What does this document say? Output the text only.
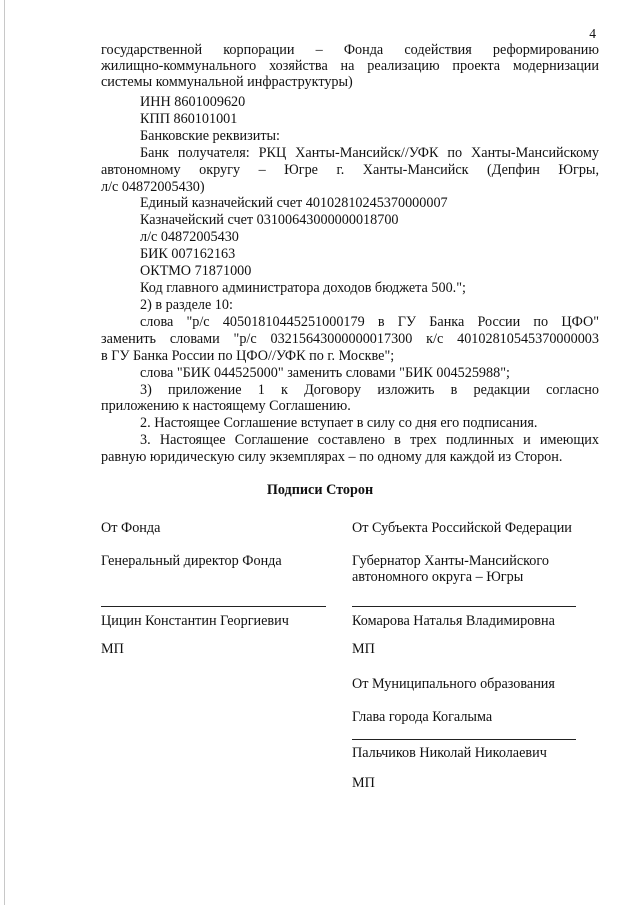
4
государственной корпорации – Фонда содействия реформированию
жилищно-коммунального хозяйства на реализацию проекта модернизации
системы коммунальной инфраструктуры)
ИНН 8601009620
КПП 860101001
Банковские реквизиты:
Банк получателя: РКЦ Ханты-Мансийск//УФК по Ханты-Мансийскому
автономному округу – Югре г. Ханты-Мансийск (Депфин Югры,
л/с 04872005430)
Единый казначейский счет 40102810245370000007
Казначейский счет 03100643000000018700
л/с 04872005430
БИК 007162163
ОКТМО 71871000
Код главного администратора доходов бюджета 500.";
2) в разделе 10:
слова "р/с 40501810445251000179 в ГУ Банка России по ЦФО"
заменить словами "р/с 03215643000000017300 к/с 40102810545370000003
в ГУ Банка России по ЦФО//УФК по г. Москве";
слова "БИК 044525000" заменить словами "БИК 004525988";
3) приложение 1 к Договору изложить в редакции согласно
приложению к настоящему Соглашению.
2. Настоящее Соглашение вступает в силу со дня его подписания.
3. Настоящее Соглашение составлено в трех подлинных и имеющих
равную юридическую силу экземплярах – по одному для каждой из Сторон.
Подписи Сторон
От Фонда
Генеральный директор Фонда
Цицин Константин Георгиевич
МП
От Субъекта Российской Федерации
Губернатор Ханты-Мансийского
автономного округа – Югры
Комарова Наталья Владимировна
МП
От Муниципального образования
Глава города Когалыма
Пальчиков Николай Николаевич
МП
